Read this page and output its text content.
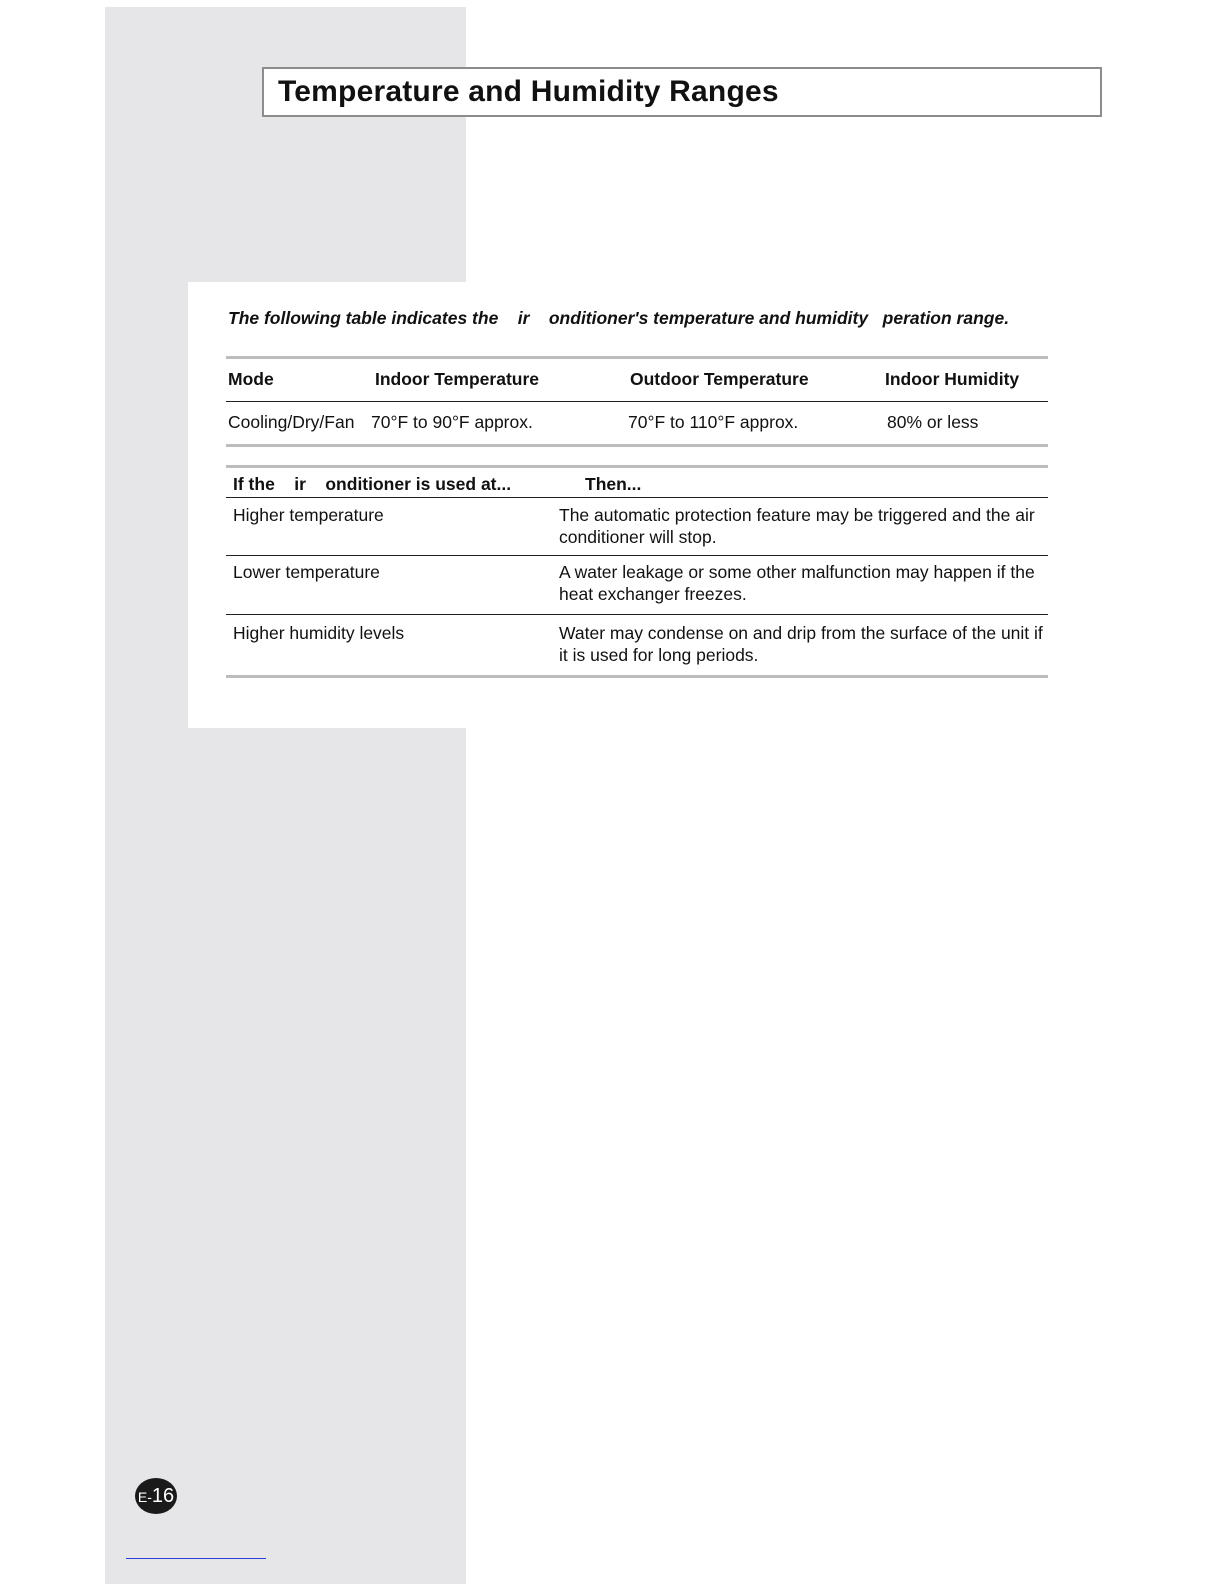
Temperature and Humidity Ranges

The following table indicates the    ir    onditioner's temperature and humidity   peration range.

Mode	Indoor Temperature	Outdoor Temperature	Indoor Humidity
Cooling/Dry/Fan 70°F to 90°F approx.	70°F to 110°F approx.	80% or less
If the    ir    onditioner is used at...	Then...
Higher temperature	The automatic protection feature may be triggered and the air conditioner will stop.
Lower temperature	A water leakage or some other malfunction may happen if the heat exchanger freezes.
Higher humidity levels	Water may condense on and drip from the surface of the unit if it is used for long periods.
E-16
